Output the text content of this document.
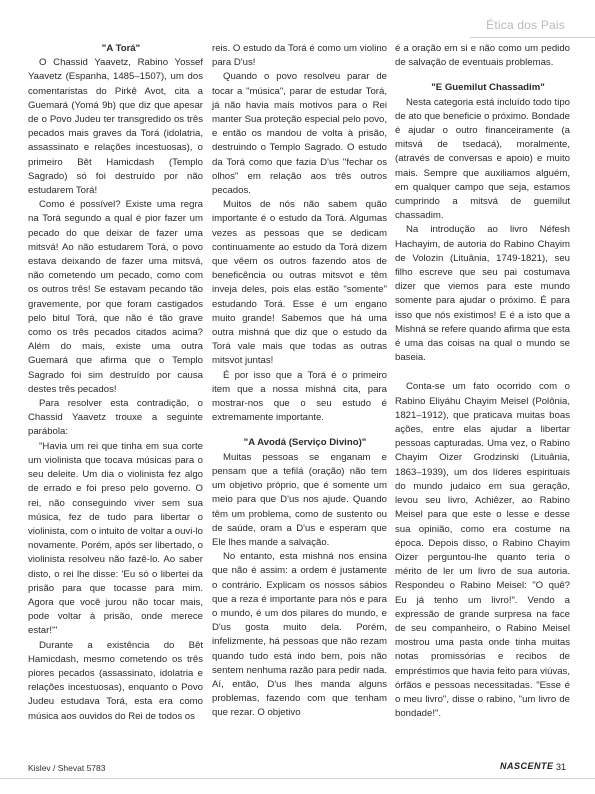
Ética dos Pais

"A Torá"

O Chassid Yaavetz, Rabino Yossef Yaavetz (Espanha, 1485–1507), um dos comentaristas do Pirkê Avot, cita a Guemará (Yomá 9b) que diz que apesar de o Povo Judeu ter transgredido os três pecados mais graves da Torá (idolatria, assassinato e relações incestuosas), o primeiro Bêt Hamicdash (Templo Sagrado) só foi destruído por não estudarem Torá!

Como é possível? Existe uma regra na Torá segundo a qual é pior fazer um pecado do que deixar de fazer uma mitsvá! Ao não estudarem Torá, o povo estava deixando de fazer uma mitsvá, não cometendo um pecado, como com os outros três! Se estavam pecando tão gravemente, por que foram castigados pelo bitul Torá, que não é tão grave como os três pecados citados acima? Além do mais, existe uma outra Guemará que afirma que o Templo Sagrado foi sim destruído por causa destes três pecados!

Para resolver esta contradição, o Chassid Yaavetz trouxe a seguinte parábola:

"Havia um rei que tinha em sua corte um violinista que tocava músicas para o seu deleite. Um dia o violinista fez algo de errado e foi preso pelo governo. O rei, não conseguindo viver sem sua música, fez de tudo para libertar o violinista, com o intuito de voltar a ouvi-lo novamente. Porém, após ser libertado, o violinista resolveu não fazê-lo. Ao saber disto, o rei lhe disse: 'Eu só o libertei da prisão para que tocasse para mim. Agora que você jurou não tocar mais, pode voltar à prisão, onde merece estar!'"

Durante a existência do Bêt Hamicdash, mesmo cometendo os três piores pecados (assassinato, idolatria e relações incestuosas), enquanto o Povo Judeu estudava Torá, esta era como música aos ouvidos do Rei de todos os

reis. O estudo da Torá é como um violino para D'us!

Quando o povo resolveu parar de tocar a "música", parar de estudar Torá, já não havia mais motivos para o Rei manter Sua proteção especial pelo povo, e então os mandou de volta à prisão, destruindo o Templo Sagrado. O estudo da Torá como que fazia D'us "fechar os olhos" em relação aos três outros pecados.

Muitos de nós não sabem quão importante é o estudo da Torá. Algumas vezes as pessoas que se dedicam continuamente ao estudo da Torá dizem que vêem os outros fazendo atos de beneficência ou outras mitsvot e têm inveja deles, pois elas estão "somente" estudando Torá. Esse é um engano muito grande! Sabemos que há uma outra mishná que diz que o estudo da Torá vale mais que todas as outras mitsvot juntas!

É por isso que a Torá é o primeiro item que a nossa mishná cita, para mostrar-nos que o seu estudo é extremamente importante.

"A Avodá (Serviço Divino)"

Muitas pessoas se enganam e pensam que a tefilá (oração) não tem um objetivo próprio, que é somente um meio para que D'us nos ajude. Quando têm um problema, como de sustento ou de saúde, oram a D'us e esperam que Ele lhes mande a salvação.

No entanto, esta mishná nos ensina que não é assim: a ordem é justamente o contrário. Explicam os nossos sábios que a reza é importante para nós e para o mundo, é um dos pilares do mundo, e D'us gosta muito dela. Porém, infelizmente, há pessoas que não rezam quando tudo está indo bem, pois não sentem nenhuma razão para pedir nada. Aí, então, D'us lhes manda alguns problemas, fazendo com que tenham que rezar. O objetivo

é a oração em si e não como um pedido de salvação de eventuais problemas.

"E Guemilut Chassadim"

Nesta categoria está incluído todo tipo de ato que beneficie o próximo. Bondade é ajudar o outro financeiramente (a mitsvá de tsedacá), moralmente, (através de conversas e apoio) e muito mais. Sempre que auxiliamos alguém, em qualquer campo que seja, estamos cumprindo a mitsvá de guemilut chassadim.

Na introdução ao livro Néfesh Hachayim, de autoria do Rabino Chayim de Volozin (Lituânia, 1749-1821), seu filho escreve que seu pai costumava dizer que viemos para este mundo somente para ajudar o próximo. É para isso que nós existimos! E é a isto que a Mishná se refere quando afirma que esta é uma das coisas na qual o mundo se baseia.

Conta-se um fato ocorrido com o Rabino Eliyáhu Chayim Meisel (Polônia, 1821–1912), que praticava muitas boas ações, entre elas ajudar a libertar pessoas capturadas. Uma vez, o Rabino Chayim Oizer Grodzinski (Lituânia, 1863–1939), um dos líderes espirituais do mundo judaico em sua geração, levou seu livro, Achiêzer, ao Rabino Meisel para que este o lesse e desse sua opinião, como era costume na época. Depois disso, o Rabino Chayim Oizer perguntou-lhe quanto teria o mérito de ler um livro de sua autoria. Respondeu o Rabino Meisel: "O quê? Eu já tenho um livro!". Vendo a expressão de grande surpresa na face de seu companheiro, o Rabino Meisel mostrou uma pasta onde tinha muitas notas promissórias e recibos de empréstimos que havia feito para viúvas, órfãos e pessoas necessitadas. "Esse é o meu livro", disse o rabino, "um livro de bondade!".

Kislev / Shevat 5783	NASCENTE 31
